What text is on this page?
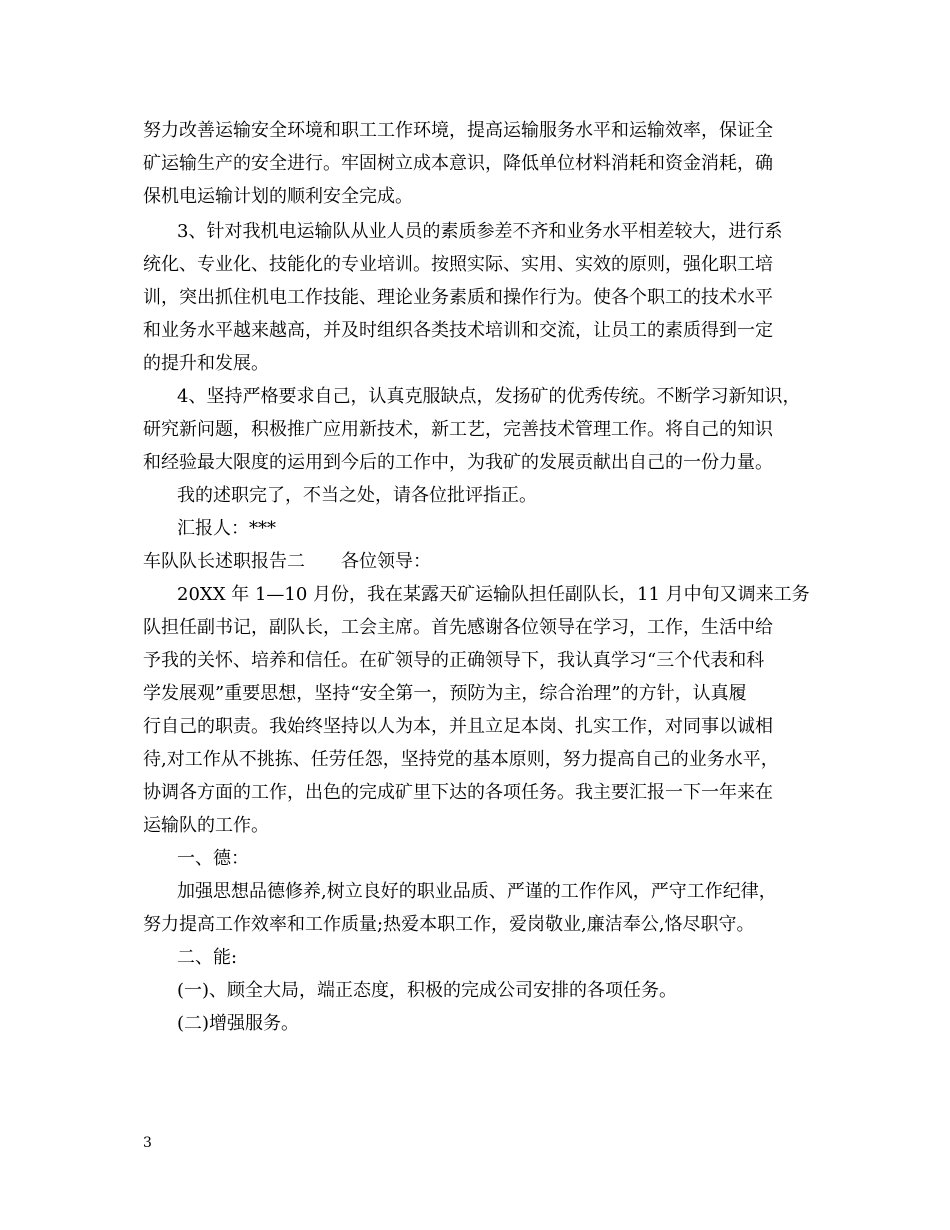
努力改善运输安全环境和职工工作环境，提高运输服务水平和运输效率，保证全
矿运输生产的安全进行。牢固树立成本意识，降低单位材料消耗和资金消耗，确
保机电运输计划的顺利安全完成。
3、针对我机电运输队从业人员的素质参差不齐和业务水平相差较大，进行系
统化、专业化、技能化的专业培训。按照实际、实用、实效的原则，强化职工培
训，突出抓住机电工作技能、理论业务素质和操作行为。使各个职工的技术水平
和业务水平越来越高，并及时组织各类技术培训和交流，让员工的素质得到一定
的提升和发展。
4、坚持严格要求自己，认真克服缺点，发扬矿的优秀传统。不断学习新知识，
研究新问题，积极推广应用新技术，新工艺，完善技术管理工作。将自己的知识
和经验最大限度的运用到今后的工作中，为我矿的发展贡献出自己的一份力量。
我的述职完了，不当之处，请各位批评指正。
汇报人：***
车队队长述职报告二　　各位领导：
20XX 年 1—10 月份，我在某露天矿运输队担任副队长，11 月中旬又调来工务
队担任副书记，副队长，工会主席。首先感谢各位领导在学习，工作，生活中给
予我的关怀、培养和信任。在矿领导的正确领导下，我认真学习“三个代表和科
学发展观”重要思想，坚持“安全第一，预防为主，综合治理”的方针，认真履
行自己的职责。我始终坚持以人为本，并且立足本岗、扎实工作，对同事以诚相
待,对工作从不挑拣、任劳任怨，坚持党的基本原则，努力提高自己的业务水平，
协调各方面的工作，出色的完成矿里下达的各项任务。我主要汇报一下一年来在
运输队的工作。
一、德：
加强思想品德修养,树立良好的职业品质、严谨的工作作风，严守工作纪律，
努力提高工作效率和工作质量;热爱本职工作，爱岗敬业,廉洁奉公,恪尽职守。
二、能:
(一)、顾全大局，端正态度，积极的完成公司安排的各项任务。
(二)增强服务。
3
